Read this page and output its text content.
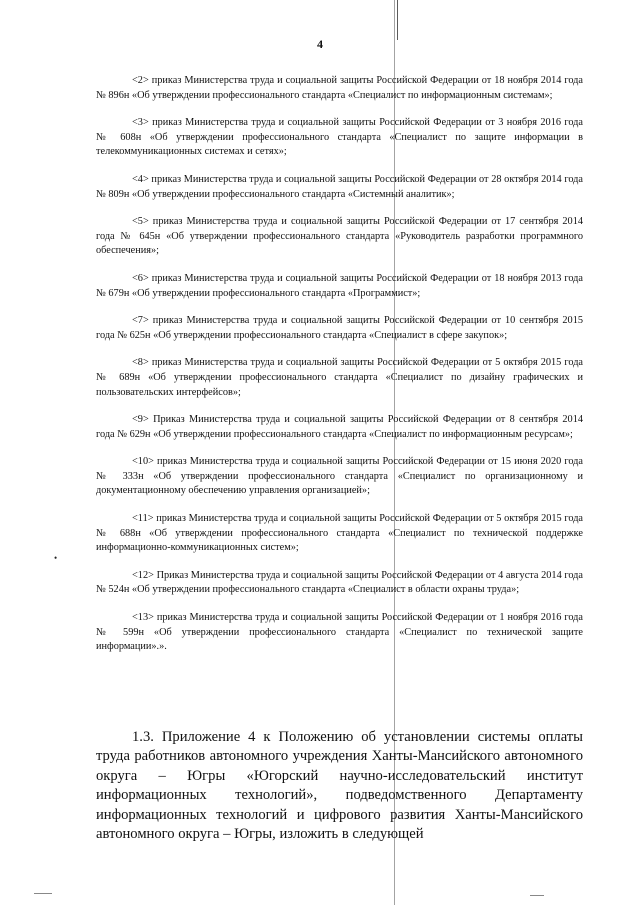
•
4

<2> приказ Министерства труда и социальной защиты Российской Федерации от 18 ноября 2014 года № 896н «Об утверждении профессионального стандарта «Специалист по информационным системам»;

<3> приказ Министерства труда и социальной защиты Российской Федерации от 3 ноября 2016 года № 608н «Об утверждении профессионального стандарта «Специалист по защите информации в телекоммуникационных системах и сетях»;

<4> приказ Министерства труда и социальной защиты Российской Федерации от 28 октября 2014 года № 809н «Об утверждении профессионального стандарта «Системный аналитик»;

<5> приказ Министерства труда и социальной защиты Российской Федерации от 17 сентября 2014 года № 645н «Об утверждении профессионального стандарта «Руководитель разработки программного обеспечения»;

<6> приказ Министерства труда и социальной защиты Российской Федерации от 18 ноября 2013 года № 679н «Об утверждении профессионального стандарта «Программист»;

<7> приказ Министерства труда и социальной защиты Российской Федерации от 10 сентября 2015 года № 625н «Об утверждении профессионального стандарта «Специалист в сфере закупок»;

<8> приказ Министерства труда и социальной защиты Российской Федерации от 5 октября 2015 года № 689н «Об утверждении профессионального стандарта «Специалист по дизайну графических и пользовательских интерфейсов»;

<9> Приказ Министерства труда и социальной защиты Российской Федерации от 8 сентября 2014 года № 629н «Об утверждении профессионального стандарта «Специалист по информационным ресурсам»;

<10> приказ Министерства труда и социальной защиты Российской Федерации от 15 июня 2020 года № 333н «Об утверждении профессионального стандарта «Специалист по организационному и документационному обеспечению управления организацией»;

<11> приказ Министерства труда и социальной защиты Российской Федерации от 5 октября 2015 года № 688н «Об утверждении профессионального стандарта «Специалист по технической поддержке информационно-коммуникационных систем»;

<12> Приказ Министерства труда и социальной защиты Российской Федерации от 4 августа 2014 года № 524н «Об утверждении профессионального стандарта «Специалист в области охраны труда»;

<13> приказ Министерства труда и социальной защиты Российской Федерации от 1 ноября 2016 года № 599н «Об утверждении профессионального стандарта «Специалист по технической защите информации».».

1.3. Приложение 4 к Положению об установлении системы оплаты труда работников автономного учреждения Ханты-Мансийского автономного округа – Югры «Югорский научно-исследовательский институт информационных технологий», подведомственного Департаменту информационных технологий и цифрового развития Ханты-Мансийского автономного округа – Югры, изложить в следующей
